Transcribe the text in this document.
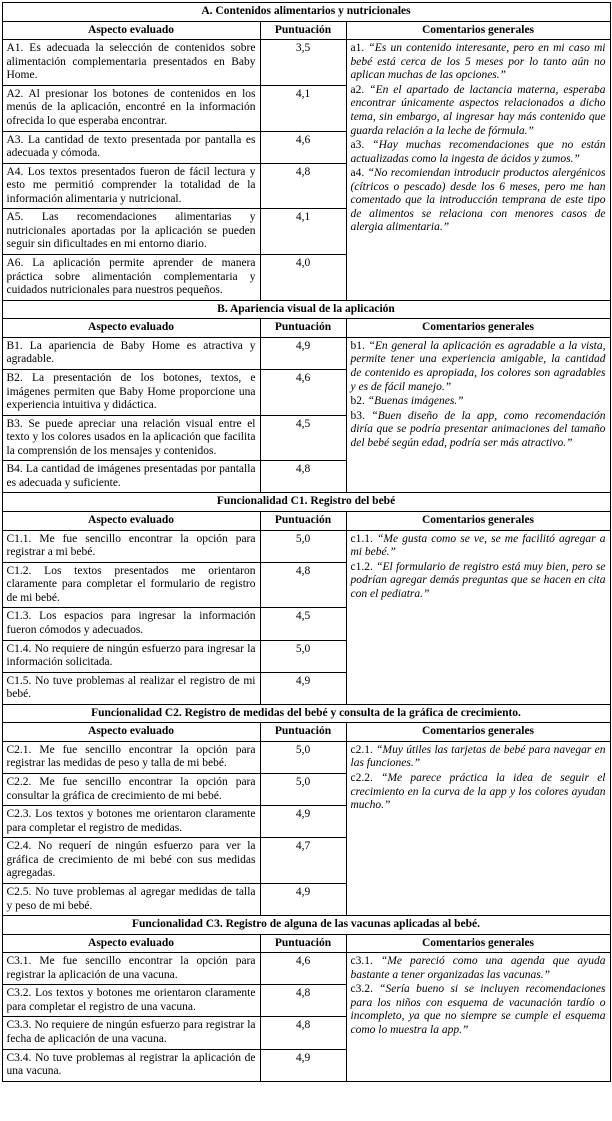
A. Contenidos alimentarios y nutricionales		
Aspecto evaluado	Puntuación	Comentarios generales
A1. Es adecuada la selección de contenidos sobre alimentación complementaria presentados en Baby Home.	3,5	a1. “Es un contenido interesante, pero en mi caso mi bebé está cerca de los 5 meses por lo tanto aún no aplican muchas de las opciones.”

a2. “En el apartado de lactancia materna, esperaba encontrar únicamente aspectos relacionados a dicho tema, sin embargo, al ingresar hay más contenido que guarda relación a la leche de fórmula.”

a3. “Hay muchas recomendaciones que no están actualizadas como la ingesta de ácidos y zumos.”

a4. “No recomiendan introducir productos alergénicos (cítricos o pescado) desde los 6 meses, pero me han comentado que la introducción temprana de este tipo de alimentos se relaciona con menores casos de alergia alimentaria.”

A2. Al presionar los botones de contenidos en los menús de la aplicación, encontré en la información ofrecida lo que esperaba encontrar.	4,1	
A3. La cantidad de texto presentada por pantalla es adecuada y cómoda.	4,6	
A4. Los textos presentados fueron de fácil lectura y esto me permitió comprender la totalidad de la información alimentaria y nutricional.	4,8	
A5. Las recomendaciones alimentarias y nutricionales aportadas por la aplicación se pueden seguir sin dificultades en mi entorno diario.	4,1	
A6. La aplicación permite aprender de manera práctica sobre alimentación complementaria y cuidados nutricionales para nuestros pequeños.	4,0	
B. Apariencia visual de la aplicación		
Aspecto evaluado	Puntuación	Comentarios generales
B1. La apariencia de Baby Home es atractiva y agradable.	4,9	b1. “En general la aplicación es agradable a la vista, permite tener una experiencia amigable, la cantidad de contenido es apropiada, los colores son agradables y es de fácil manejo.”

b2. “Buenas imágenes.”

b3. “Buen diseño de la app, como recomendación diría que se podría presentar animaciones del tamaño del bebé según edad, podría ser más atractivo.”

B2. La presentación de los botones, textos, e imágenes permiten que Baby Home proporcione una experiencia intuitiva y didáctica.	4,6	
B3. Se puede apreciar una relación visual entre el texto y los colores usados en la aplicación que facilita la comprensión de los mensajes y contenidos.	4,5	
B4. La cantidad de imágenes presentadas por pantalla es adecuada y suficiente.	4,8	
Funcionalidad C1. Registro del bebé		
Aspecto evaluado	Puntuación	Comentarios generales
C1.1. Me fue sencillo encontrar la opción para registrar a mi bebé.	5,0	c1.1. “Me gusta como se ve, se me facilitó agregar a mi bebé.”

c1.2. “El formulario de registro está muy bien, pero se podrían agregar demás preguntas que se hacen en cita con el pediatra.”

C1.2. Los textos presentados me orientaron claramente para completar el formulario de registro de mi bebé.	4,8	
C1.3. Los espacios para ingresar la información fueron cómodos y adecuados.	4,5	
C1.4. No requiere de ningún esfuerzo para ingresar la información solicitada.	5,0	
C1.5. No tuve problemas al realizar el registro de mi bebé.	4,9	
Funcionalidad C2. Registro de medidas del bebé y consulta de la gráfica de crecimiento.		
Aspecto evaluado	Puntuación	Comentarios generales
C2.1. Me fue sencillo encontrar la opción para registrar las medidas de peso y talla de mi bebé.	5,0	c2.1. “Muy útiles las tarjetas de bebé para navegar en las funciones.”

c2.2. “Me parece práctica la idea de seguir el crecimiento en la curva de la app y los colores ayudan mucho.”

C2.2. Me fue sencillo encontrar la opción para consultar la gráfica de crecimiento de mi bebé.	5,0	
C2.3. Los textos y botones me orientaron claramente para completar el registro de medidas.	4,9	
C2.4. No requerí de ningún esfuerzo para ver la gráfica de crecimiento de mi bebé con sus medidas agregadas.	4,7	
C2.5. No tuve problemas al agregar medidas de talla y peso de mi bebé.	4,9	
Funcionalidad C3. Registro de alguna de las vacunas aplicadas al bebé.		
Aspecto evaluado	Puntuación	Comentarios generales
C3.1. Me fue sencillo encontrar la opción para registrar la aplicación de una vacuna.	4,6	c3.1. “Me pareció como una agenda que ayuda bastante a tener organizadas las vacunas.”

c3.2. “Sería bueno si se incluyen recomendaciones para los niños con esquema de vacunación tardío o incompleto, ya que no siempre se cumple el esquema como lo muestra la app.”

C3.2. Los textos y botones me orientaron claramente para completar el registro de una vacuna.	4,8	
C3.3. No requiere de ningún esfuerzo para registrar la fecha de aplicación de una vacuna.	4,8	
C3.4. No tuve problemas al registrar la aplicación de una vacuna.	4,9	
